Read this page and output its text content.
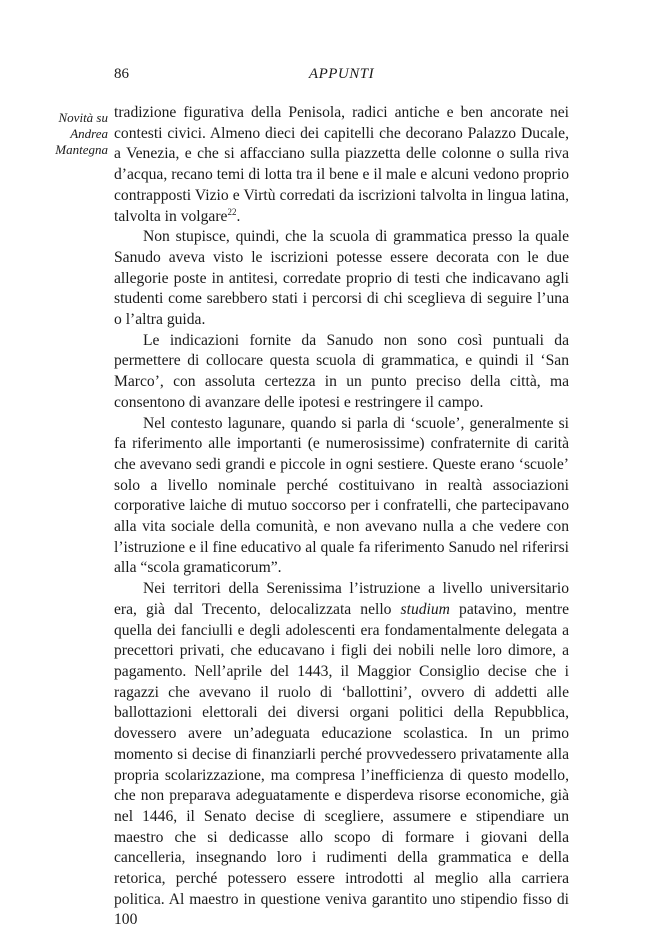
86	APPUNTI
Novità su
Andrea
Mantegna

tradizione figurativa della Penisola, radici antiche e ben ancorate nei contesti civici. Almeno dieci dei capitelli che decorano Palazzo Ducale, a Venezia, e che si affacciano sulla piazzetta delle colonne o sulla riva d’acqua, recano temi di lotta tra il bene e il male e alcuni vedono proprio contrapposti Vizio e Virtù corredati da iscrizioni talvolta in lingua latina, talvolta in volgare$^{22}$.

Non stupisce, quindi, che la scuola di grammatica presso la quale Sanudo aveva visto le iscrizioni potesse essere decorata con le due allegorie poste in antitesi, corredate proprio di testi che indicavano agli studenti come sarebbero stati i percorsi di chi sceglieva di seguire l’una o l’altra guida.

Le indicazioni fornite da Sanudo non sono così puntuali da permettere di collocare questa scuola di grammatica, e quindi il ‘San Marco’, con assoluta certezza in un punto preciso della città, ma consentono di avanzare delle ipotesi e restringere il campo.

Nel contesto lagunare, quando si parla di ‘scuole’, generalmente si fa riferimento alle importanti (e numerosissime) confraternite di carità che avevano sedi grandi e piccole in ogni sestiere. Queste erano ‘scuole’ solo a livello nominale perché costituivano in realtà associazioni corporative laiche di mutuo soccorso per i confratelli, che partecipavano alla vita sociale della comunità, e non avevano nulla a che vedere con l’istruzione e il fine educativo al quale fa riferimento Sanudo nel riferirsi alla “scola gramaticorum”.

Nei territori della Serenissima l’istruzione a livello universitario era, già dal Trecento, delocalizzata nello studium patavino, mentre quella dei fanciulli e degli adolescenti era fondamentalmente delegata a precettori privati, che educavano i figli dei nobili nelle loro dimore, a pagamento. Nell’aprile del 1443, il Maggior Consiglio decise che i ragazzi che avevano il ruolo di ‘ballottini’, ovvero di addetti alle ballottazioni elettorali dei diversi organi politici della Repubblica, dovessero avere un’adeguata educazione scolastica. In un primo momento si decise di finanziarli perché provvedessero privatamente alla propria scolarizzazione, ma compresa l’inefficienza di questo modello, che non preparava adeguatamente e disperdeva risorse economiche, già nel 1446, il Senato decise di scegliere, assumere e stipendiare un maestro che si dedicasse allo scopo di formare i giovani della cancelleria, insegnando loro i rudimenti della grammatica e della retorica, perché potessero essere introdotti al meglio alla carriera politica. Al maestro in questione veniva garantito uno stipendio fisso di 100
